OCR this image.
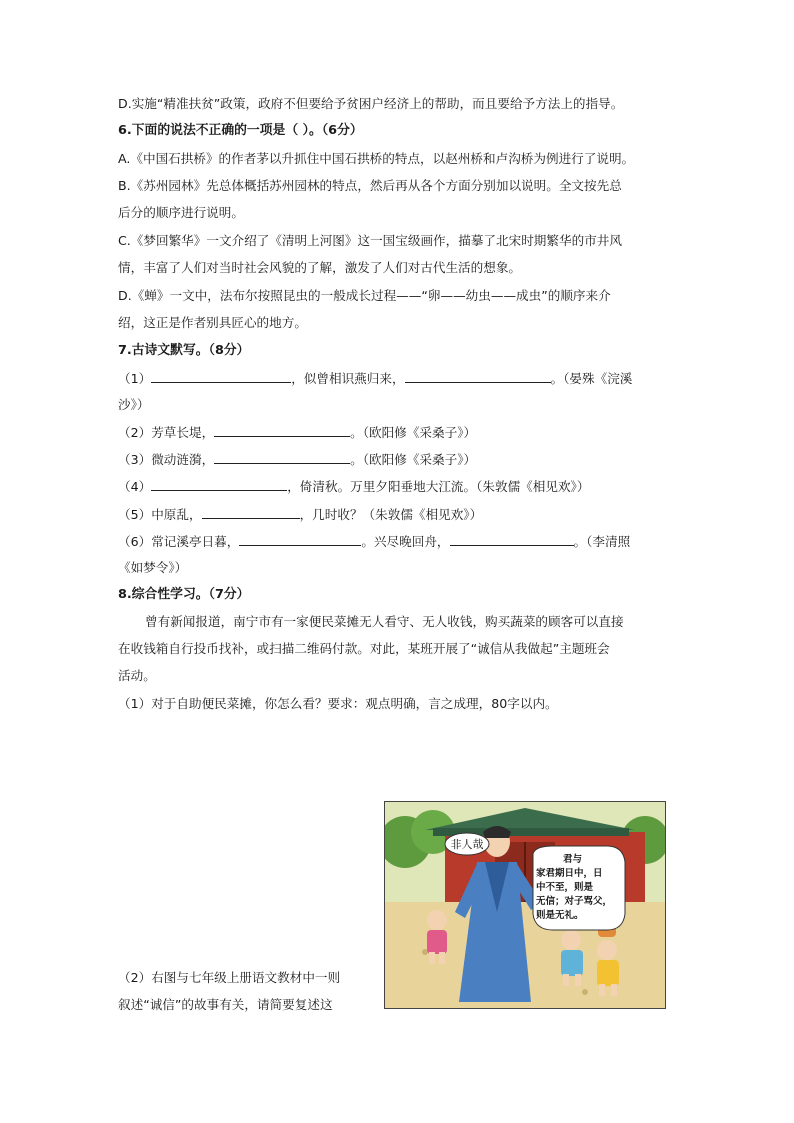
D.实施“精准扶贫”政策，政府不但要给予贫困户经济上的帮助，而且要给予方法上的指导。
6.下面的说法不正确的一项是（ ）。（6分）
A.《中国石拱桥》的作者茅以升抓住中国石拱桥的特点，以赵州桥和卢沟桥为例进行了说明。
B.《苏州园林》先总体概括苏州园林的特点，然后再从各个方面分别加以说明。全文按先总
后分的顺序进行说明。
C.《梦回繁华》一文介绍了《清明上河图》这一国宝级画作，描摹了北宋时期繁华的市井风
情，丰富了人们对当时社会风貌的了解，激发了人们对古代生活的想象。
D.《蝉》一文中，法布尔按照昆虫的一般成长过程——“卵——幼虫——成虫”的顺序来介
绍，这正是作者别具匠心的地方。
7.古诗文默写。（8分）
（1）	，似曾相识燕归来，	。（晏殊《浣溪
沙》）
（2）芳草长堤，	。（欧阳修《采桑子》）
（3）微动涟漪，	。（欧阳修《采桑子》）
（4）	，倚清秋。万里夕阳垂地大江流。（朱敦儒《相见欢》）
（5）中原乱，	，几时收？（朱敦儒《相见欢》）
（6）常记溪亭日暮，	。兴尽晚回舟，	。（李清照
《如梦令》）
8.综合性学习。（7分）
曾有新闻报道，南宁市有一家便民菜摊无人看守、无人收钱，购买蔬菜的顾客可以直接
在收钱箱自行投币找补，或扫描二维码付款。对此，某班开展了“诚信从我做起”主题班会
活动。
（1）对于自助便民菜摊，你怎么看？要求：观点明确，言之成理，80字以内。
（2）右图与七年级上册语文教材中一则
叙述“诚信”的故事有关，请简要复述这
非人哉
君与
家君期日中，日
中不至，则是
无信；对子骂父，
则是无礼。
